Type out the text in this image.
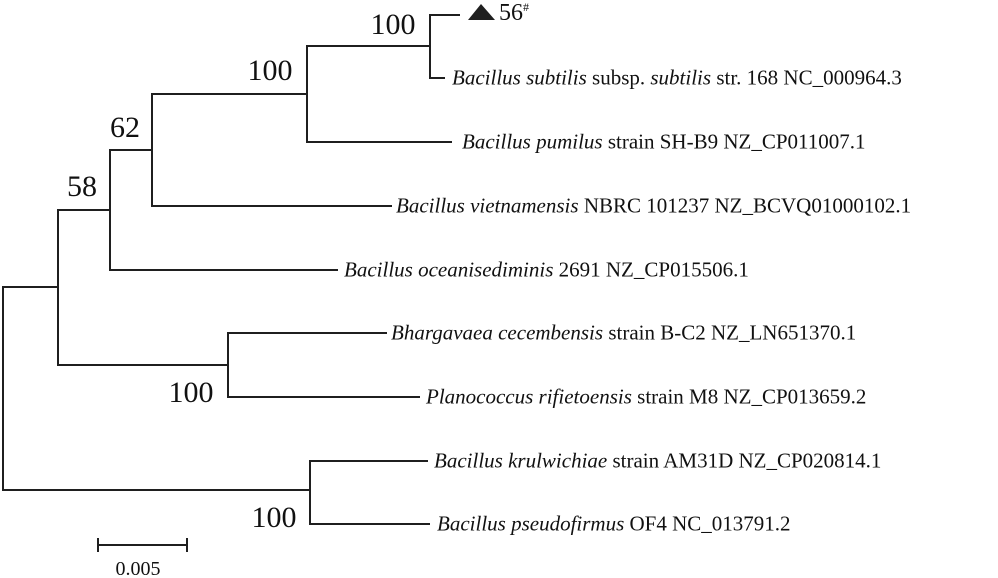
56#
Bacillus subtilis subsp. subtilis str. 168 NC_000964.3
Bacillus pumilus strain SH-B9 NZ_CP011007.1
Bacillus vietnamensis NBRC 101237 NZ_BCVQ01000102.1
Bacillus oceanisediminis 2691 NZ_CP015506.1
Bhargavaea cecembensis strain B-C2 NZ_LN651370.1
Planococcus rifietoensis strain M8 NZ_CP013659.2
Bacillus krulwichiae strain AM31D NZ_CP020814.1
Bacillus pseudofirmus OF4 NC_013791.2
100
100
62
58
100
100
0.005
